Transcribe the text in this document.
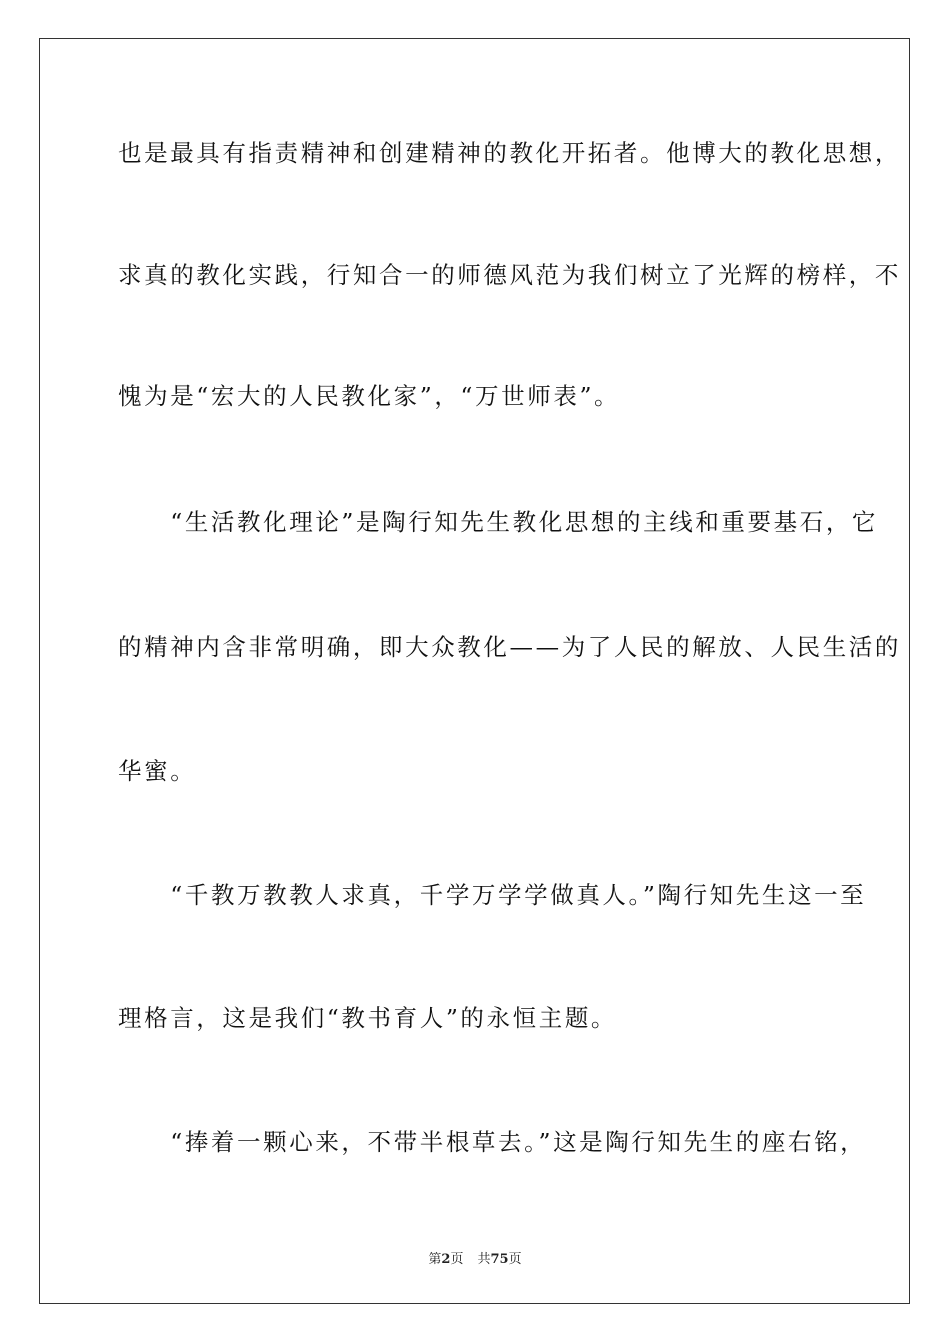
也是最具有指责精神和创建精神的教化开拓者。他博大的教化思想，
求真的教化实践，行知合一的师德风范为我们树立了光辉的榜样，不
愧为是“宏大的人民教化家”，“万世师表”。
　　“生活教化理论”是陶行知先生教化思想的主线和重要基石，它
的精神内含非常明确，即大众教化——为了人民的解放、人民生活的
华蜜。
　　“千教万教教人求真，千学万学学做真人。”陶行知先生这一至
理格言，这是我们“教书育人”的永恒主题。
　　“捧着一颗心来，不带半根草去。”这是陶行知先生的座右铭，
第2页 共75页
